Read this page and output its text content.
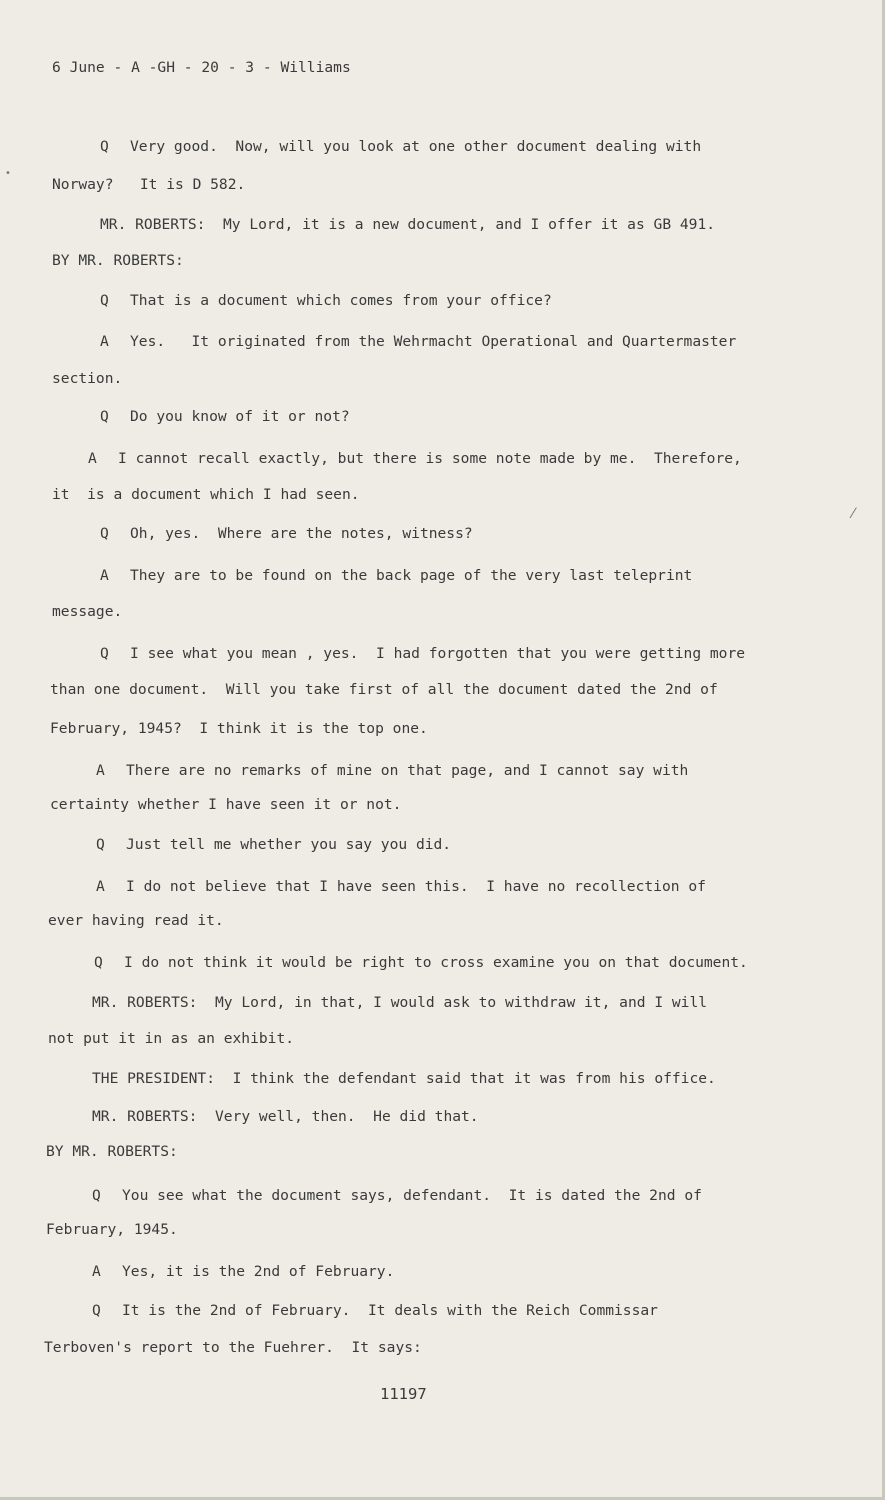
6 June - A -GH - 20 - 3 - Williams
Q Very good.  Now, will you look at one other document dealing with
Norway?   It is D 582.
MR. ROBERTS:  My Lord, it is a new document, and I offer it as GB 491.
BY MR. ROBERTS:
Q That is a document which comes from your office?
A Yes.   It originated from the Wehrmacht Operational and Quartermaster
section.
Q Do you know of it or not?
A I cannot recall exactly, but there is some note made by me.  Therefore,
it  is a document which I had seen.
Q Oh, yes.  Where are the notes, witness?
A They are to be found on the back page of the very last teleprint
message.
Q I see what you mean , yes.  I had forgotten that you were getting more
than one document.  Will you take first of all the document dated the 2nd of
February, 1945?  I think it is the top one.
A There are no remarks of mine on that page, and I cannot say with
certainty whether I have seen it or not.
Q Just tell me whether you say you did.
A I do not believe that I have seen this.  I have no recollection of
ever having read it.
Q I do not think it would be right to cross examine you on that document.
MR. ROBERTS:  My Lord, in that, I would ask to withdraw it, and I will
not put it in as an exhibit.
THE PRESIDENT:  I think the defendant said that it was from his office.
MR. ROBERTS:  Very well, then.  He did that.
BY MR. ROBERTS:
Q You see what the document says, defendant.  It is dated the 2nd of
February, 1945.
A Yes, it is the 2nd of February.
Q It is the 2nd of February.  It deals with the Reich Commissar
Terboven's report to the Fuehrer.  It says:
11197
•
⁄
